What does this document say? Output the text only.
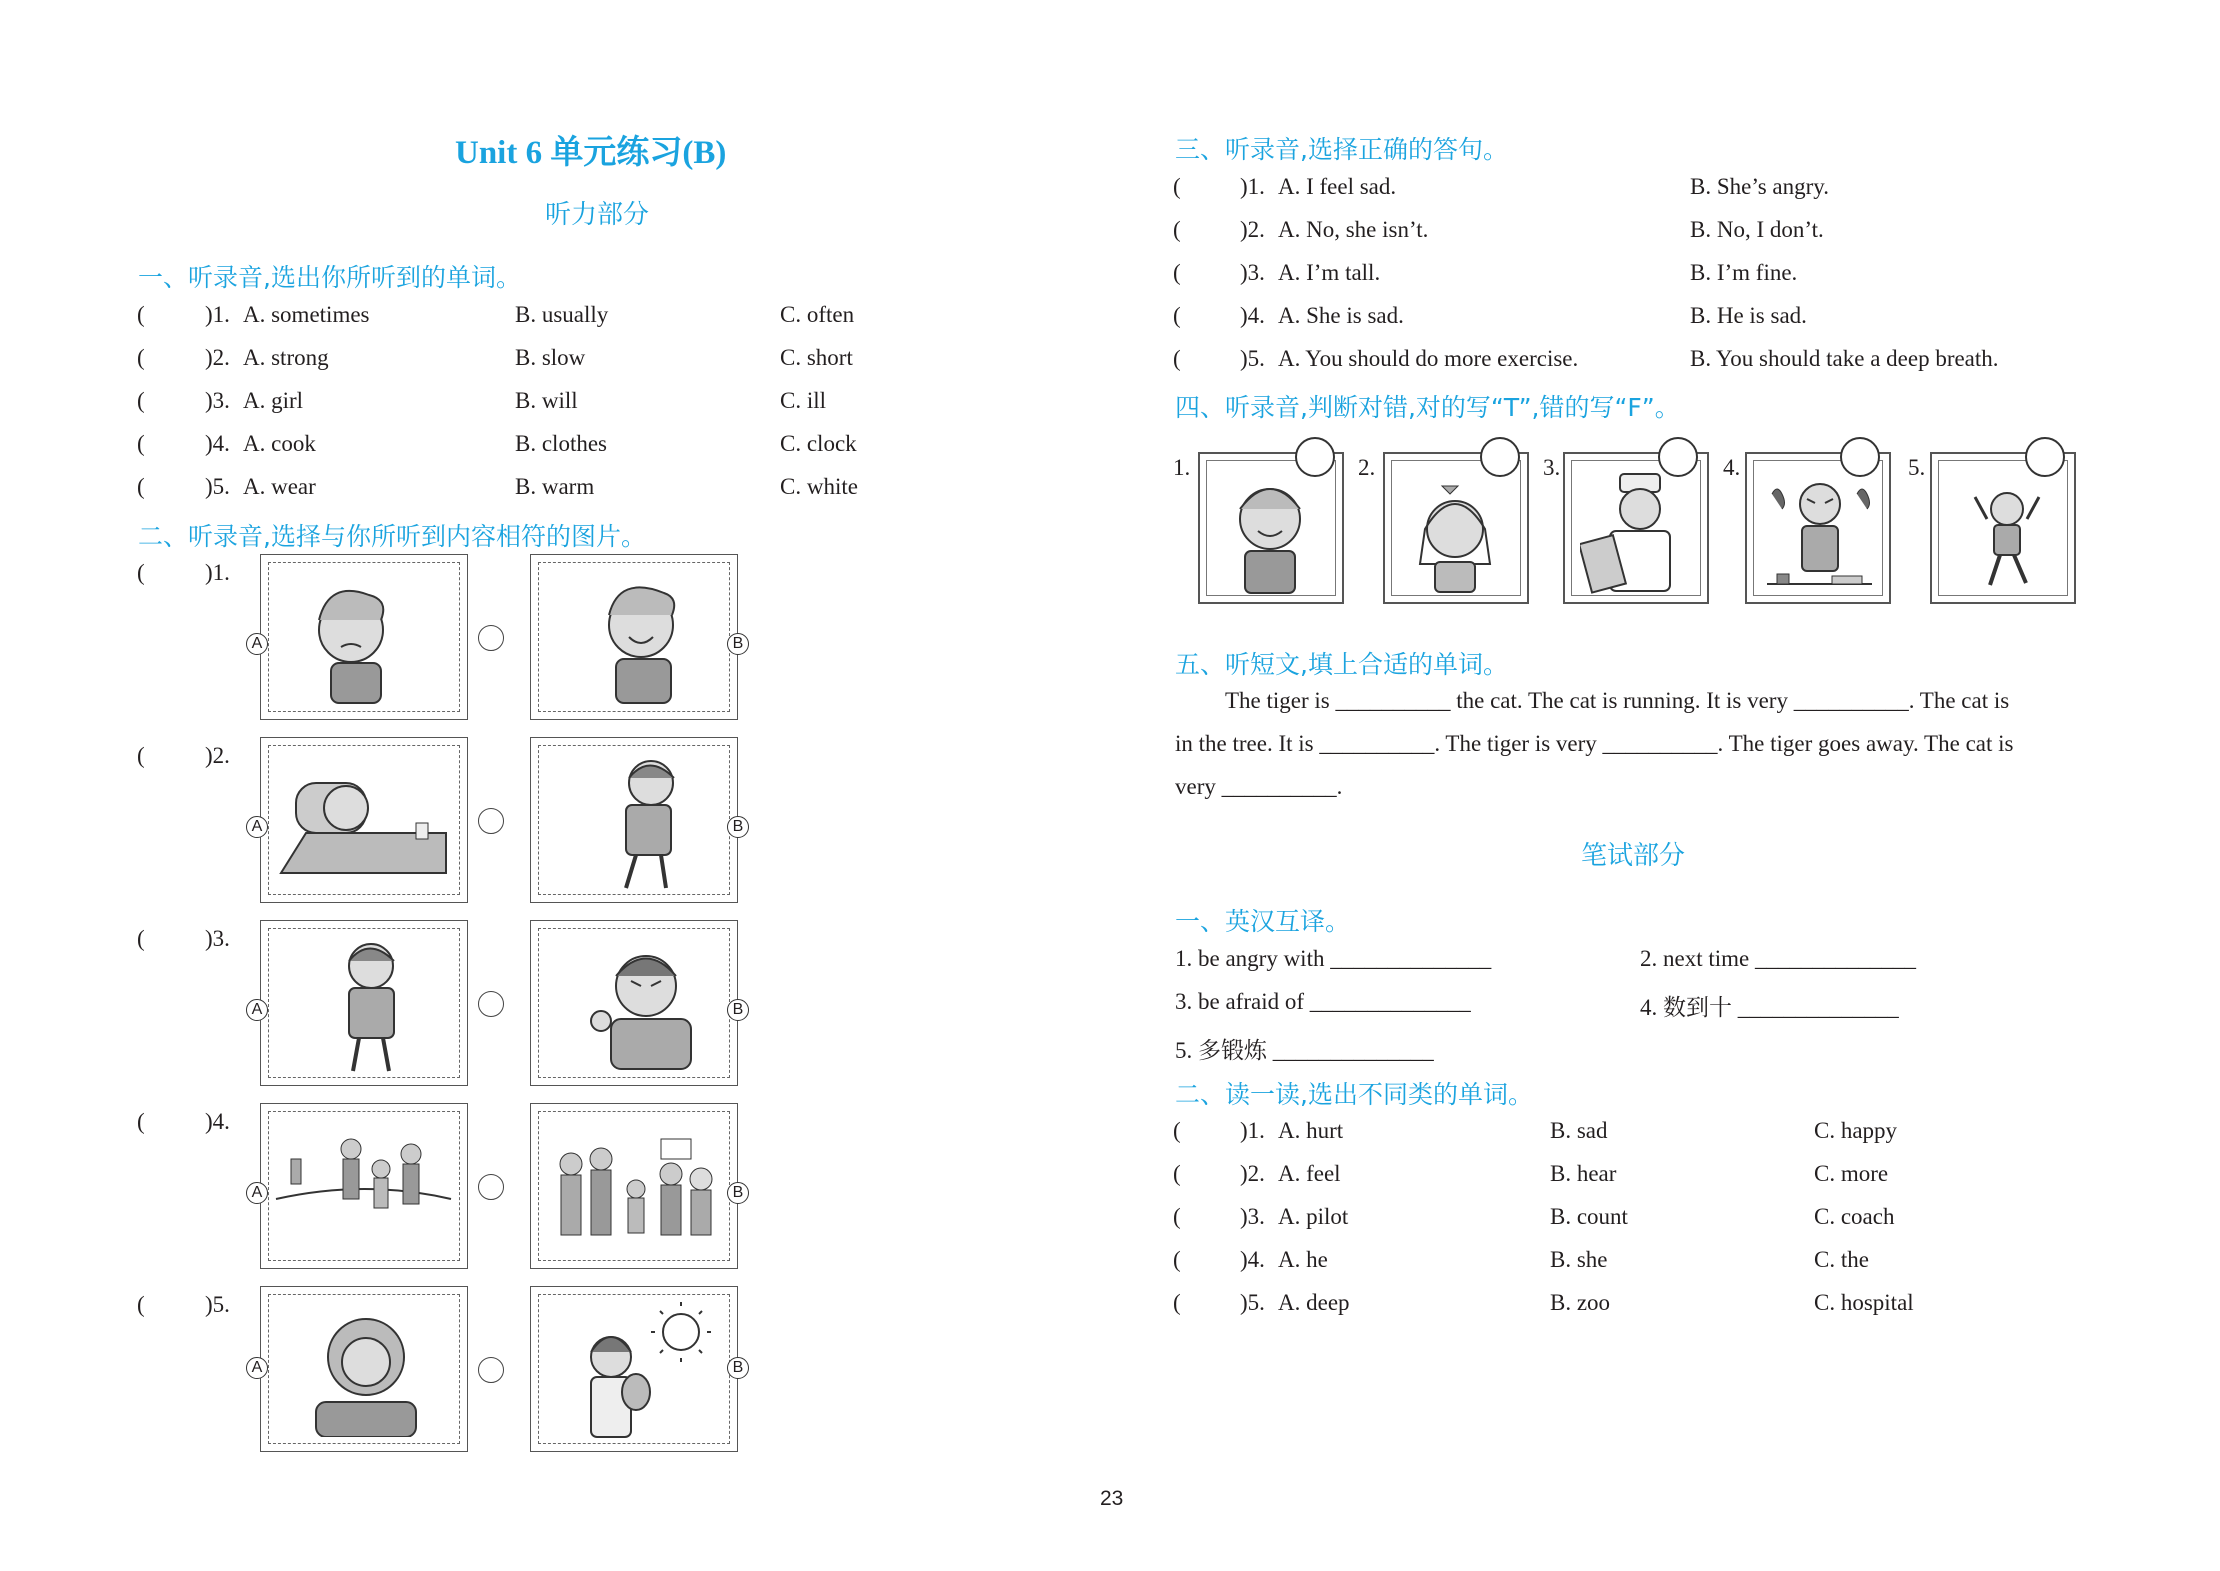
Unit 6 单元练习(B)
听力部分
一、听录音,选出你所听到的单词。
(	)1. A. sometimes	B. usually	C. often
(	)2. A. strong	B. slow	C. short
(	)3. A. girl	B. will	C. ill
(	)4. A. cook	B. clothes	C. clock
(	)5. A. wear	B. warm	C. white
二、听录音,选择与你所听到内容相符的图片。
(	)1.
A	B
(	)2.
A	B
(	)3.
A	B
(	)4.
A	B
(	)5.
A	B
三、听录音,选择正确的答句。
(	)1. A. I feel sad.	B. She’s angry.
(	)2. A. No, she isn’t.	B. No, I don’t.
(	)3. A. I’m tall.	B. I’m fine.
(	)4. A. She is sad.	B. He is sad.
(	)5. A. You should do more exercise.	B. You should take a deep breath.
四、听录音,判断对错,对的写“T”,错的写“F”。
1.	2.	3.	4.	5.
五、听短文,填上合适的单词。
The tiger is __________ the cat. The cat is running. It is very __________. The cat is
in the tree. It is __________. The tiger is very __________. The tiger goes away. The cat is
very __________.
笔试部分
一、英汉互译。
1. be angry with ______________	2. next time ______________
3. be afraid of ______________	4. 数到十 ______________
5. 多锻炼 ______________
二、读一读,选出不同类的单词。
(	)1. A. hurt	B. sad	C. happy
(	)2. A. feel	B. hear	C. more
(	)3. A. pilot	B. count	C. coach
(	)4. A. he	B. she	C. the
(	)5. A. deep	B. zoo	C. hospital
23
